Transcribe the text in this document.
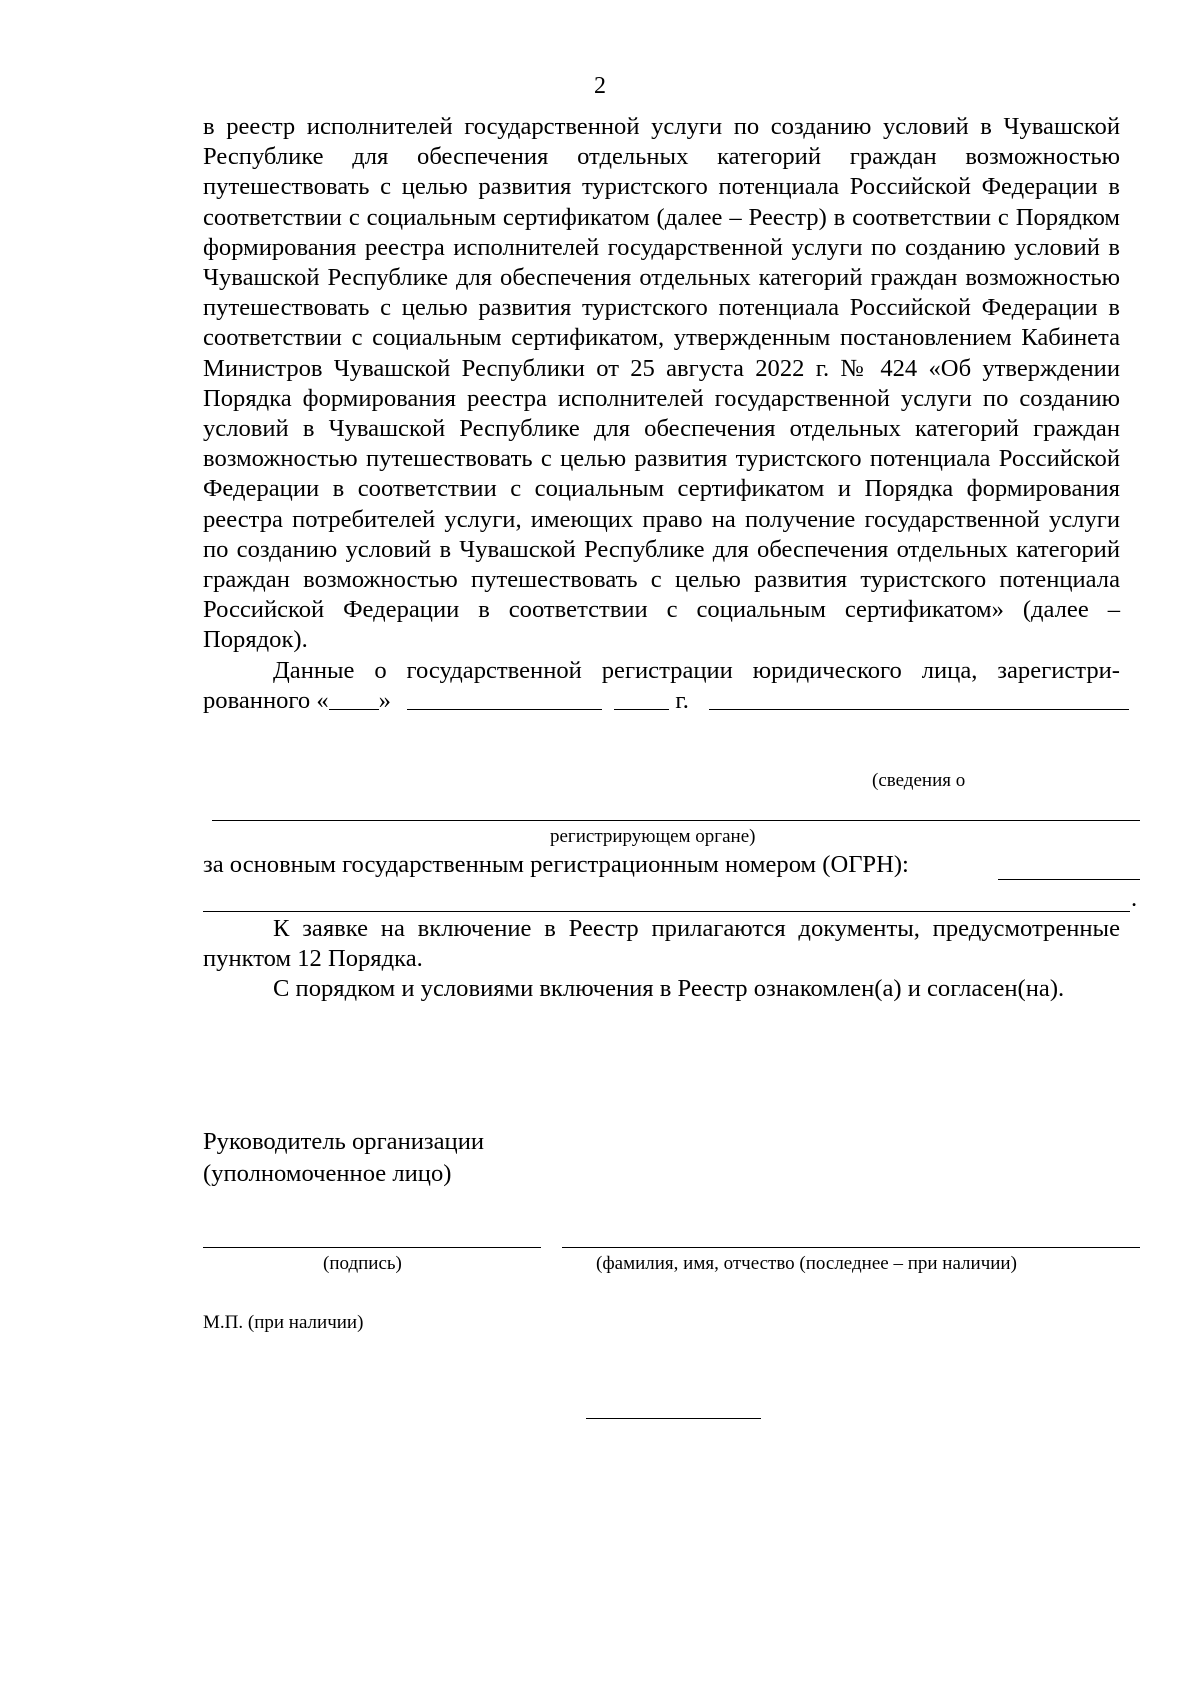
2

в реестр исполнителей государственной услуги по созданию условий в Чувашской Республике для обеспечения отдельных категорий граждан возможностью путешествовать с целью развития туристского потенциала Российской Федерации в соответствии с социальным сертификатом (далее – Реестр) в соответствии с Порядком формирования реестра исполнителей государственной услуги по созданию условий в Чувашской Республике для обеспечения отдельных категорий граждан возможностью путешествовать с целью развития туристского потенциала Российской Федерации в соответствии с социальным сертификатом, утвержденным постановлением Кабинета Министров Чувашской Республики от 25 августа 2022 г. № 424 «Об утверждении Порядка формирования реестра исполнителей государственной услуги по созданию условий в Чувашской Республике для обеспечения отдельных категорий граждан возможностью путешествовать с целью развития туристского потенциала Российской Федерации в соответствии с социальным сертификатом и Порядка формирования реестра потребителей услуги, имеющих право на получение государственной услуги по созданию условий в Чувашской Республике для обеспечения отдельных категорий граждан возможностью путешествовать с целью развития туристского потенциала Российской Федерации в соответствии с социальным сертификатом» (далее – Порядок).

Данные о государственной регистрации юридического лица, зарегистри-

рованного « »	г.
(сведения о
регистрирующем органе)
за основным государственным регистрационным номером (ОГРН):
.

К заявке на включение в Реестр прилагаются документы, предусмотренные пунктом 12 Порядка.

С порядком и условиями включения в Реестр ознакомлен(а) и согласен(на).

Руководитель организации
(уполномоченное лицо)
(подпись)	(фамилия, имя, отчество (последнее – при наличии)
М.П. (при наличии)
